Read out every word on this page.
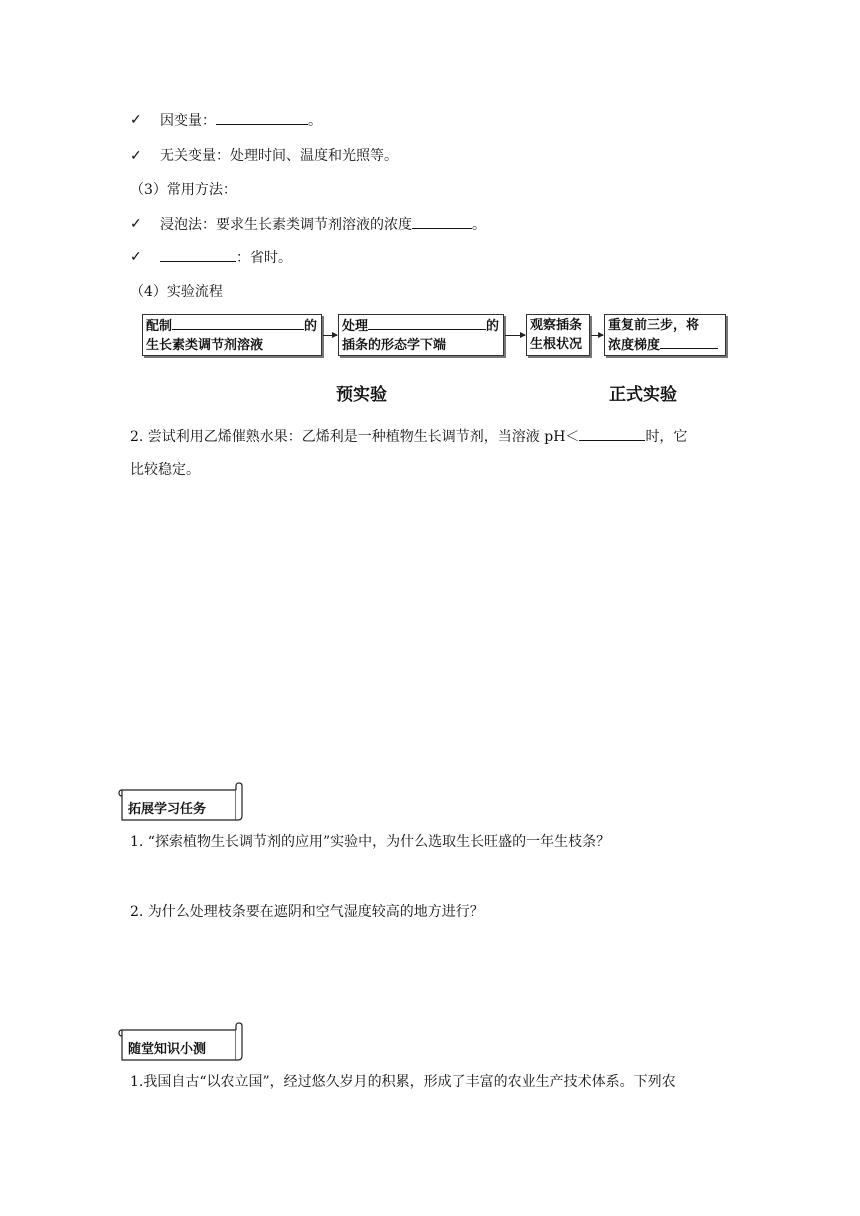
✓ 因变量：	。
✓ 无关变量：处理时间、温度和光照等。
（3）常用方法：
✓ 浸泡法：要求生长素类调节剂溶液的浓度	。
✓	：省时。
（4）实验流程
配制	的
生长素类调节剂溶液
处理	的
插条的形态学下端
观察插条
生根状况
重复前三步，将
浓度梯度
预实验	正式实验
2. 尝试利用乙烯催熟水果：乙烯利是一种植物生长调节剂，当溶液 pH＜	时，它
比较稳定。
拓展学习任务
1. “探索植物生长调节剂的应用”实验中，为什么选取生长旺盛的一年生枝条？
2. 为什么处理枝条要在遮阴和空气湿度较高的地方进行？
随堂知识小测
1.我国自古“以农立国”，经过悠久岁月的积累，形成了丰富的农业生产技术体系。下列农
